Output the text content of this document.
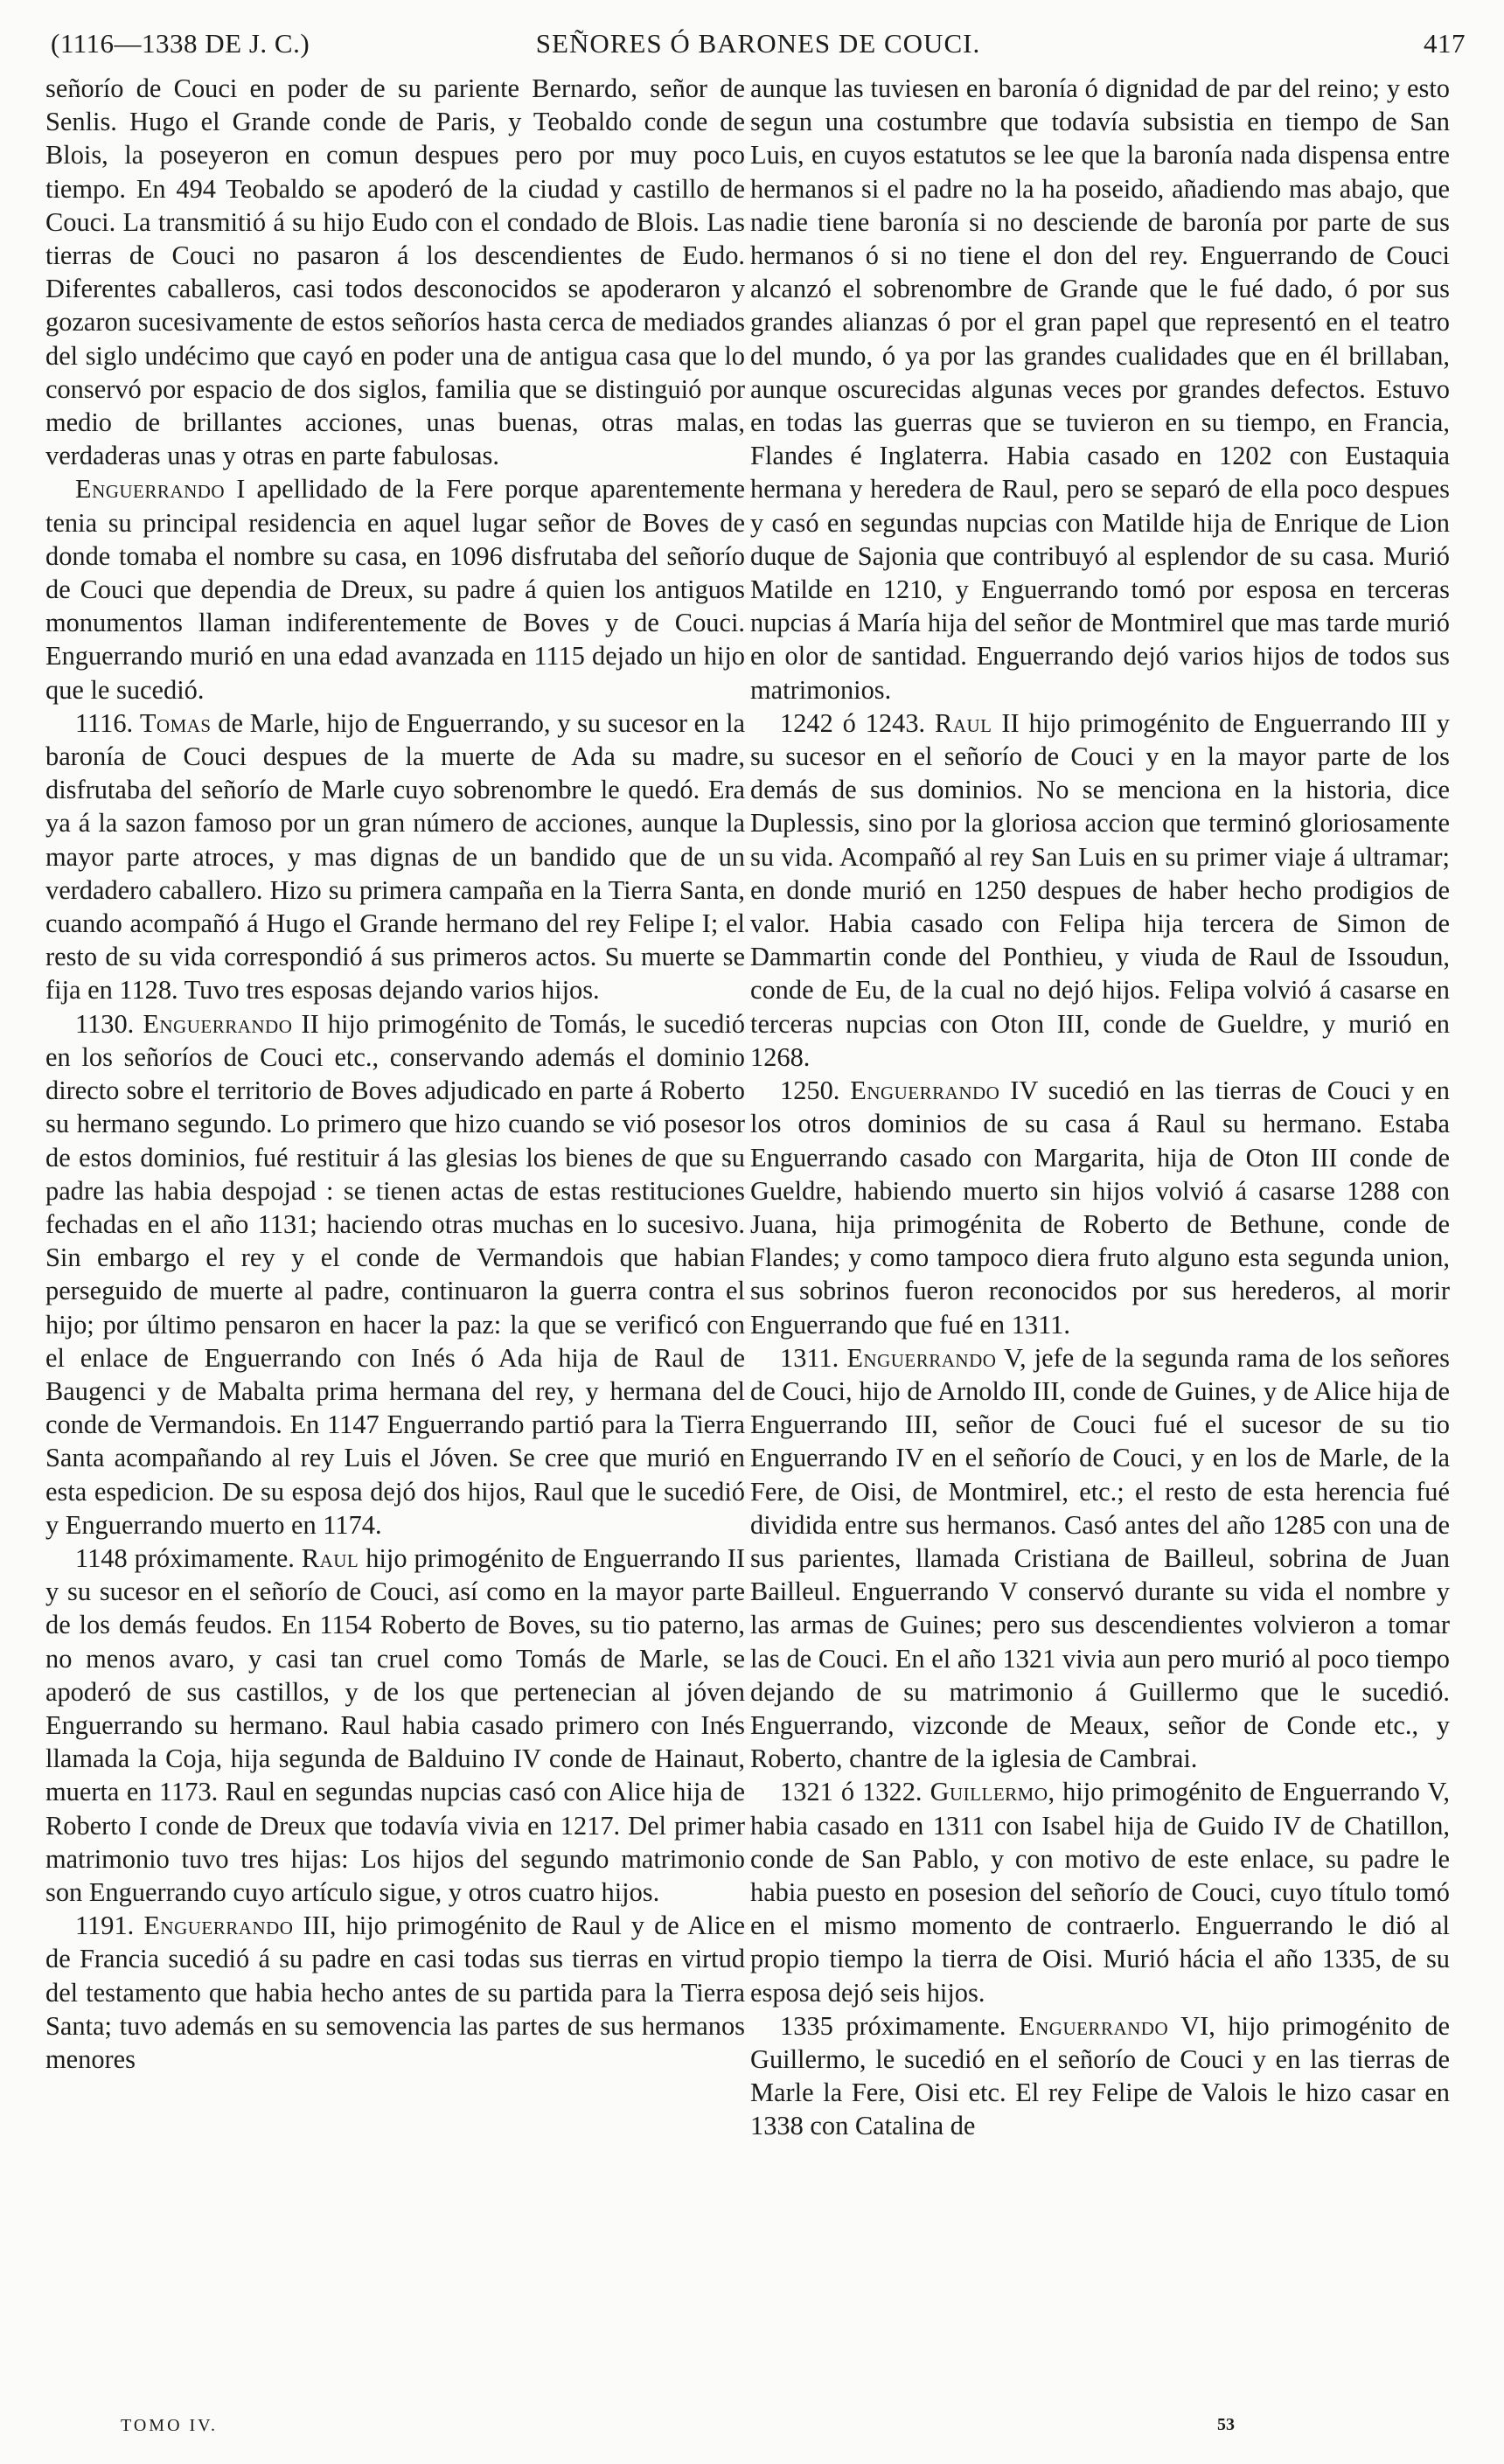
(1116—1338 DE J. C.)	SEÑORES Ó BARONES DE COUCI.	417

señorío de Couci en poder de su pariente Bernardo, señor de Senlis. Hugo el Grande conde de Paris, y Teobaldo conde de Blois, la poseyeron en comun despues pero por muy poco tiempo. En 494 Teobaldo se apoderó de la ciudad y castillo de Couci. La transmitió á su hijo Eudo con el condado de Blois. Las tierras de Couci no pasaron á los descendientes de Eudo. Diferentes caballeros, casi todos desconocidos se apoderaron y gozaron sucesivamente de estos señoríos hasta cerca de mediados del siglo undécimo que cayó en poder una de antigua casa que lo conservó por espacio de dos siglos, familia que se distinguió por medio de brillantes acciones, unas buenas, otras malas, verdaderas unas y otras en parte fabulosas.

Enguerrando I apellidado de la Fere porque aparentemente tenia su principal residencia en aquel lugar señor de Boves de donde tomaba el nombre su casa, en 1096 disfrutaba del señorío de Couci que dependia de Dreux, su padre á quien los antiguos monumentos llaman indiferentemente de Boves y de Couci. Enguerrando murió en una edad avanzada en 1115 dejado un hijo que le sucedió.

1116. Tomas de Marle, hijo de Enguerrando, y su sucesor en la baronía de Couci despues de la muerte de Ada su madre, disfrutaba del señorío de Marle cuyo sobrenombre le quedó. Era ya á la sazon famoso por un gran número de acciones, aunque la mayor parte atroces, y mas dignas de un bandido que de un verdadero caballero. Hizo su primera campaña en la Tierra Santa, cuando acompañó á Hugo el Grande hermano del rey Felipe I; el resto de su vida correspondió á sus primeros actos. Su muerte se fija en 1128. Tuvo tres esposas dejando varios hijos.

1130. Enguerrando II hijo primogénito de Tomás, le sucedió en los señoríos de Couci etc., conservando además el dominio directo sobre el territorio de Boves adjudicado en parte á Roberto su hermano segundo. Lo primero que hizo cuando se vió posesor de estos dominios, fué restituir á las glesias los bienes de que su padre las habia despojad : se tienen actas de estas restituciones fechadas en el año 1131; haciendo otras muchas en lo sucesivo. Sin embargo el rey y el conde de Vermandois que habian perseguido de muerte al padre, continuaron la guerra contra el hijo; por último pensaron en hacer la paz: la que se verificó con el enlace de Enguerrando con Inés ó Ada hija de Raul de Baugenci y de Mabalta prima hermana del rey, y hermana del conde de Vermandois. En 1147 Enguerrando partió para la Tierra Santa acompañando al rey Luis el Jóven. Se cree que murió en esta espedicion. De su esposa dejó dos hijos, Raul que le sucedió y Enguerrando muerto en 1174.

1148 próximamente. Raul hijo primogénito de Enguerrando II y su sucesor en el señorío de Couci, así como en la mayor parte de los demás feudos. En 1154 Roberto de Boves, su tio paterno, no menos avaro, y casi tan cruel como Tomás de Marle, se apoderó de sus castillos, y de los que pertenecian al jóven Enguerrando su hermano. Raul habia casado primero con Inés llamada la Coja, hija segunda de Balduino IV conde de Hainaut, muerta en 1173. Raul en segundas nupcias casó con Alice hija de Roberto I conde de Dreux que todavía vivia en 1217. Del primer matrimonio tuvo tres hijas: Los hijos del segundo matrimonio son Enguerrando cuyo artículo sigue, y otros cuatro hijos.

1191. Enguerrando III, hijo primogénito de Raul y de Alice de Francia sucedió á su padre en casi todas sus tierras en virtud del testamento que habia hecho antes de su partida para la Tierra Santa; tuvo además en su semovencia las partes de sus hermanos menores

aunque las tuviesen en baronía ó dignidad de par del reino; y esto segun una costumbre que todavía subsistia en tiempo de San Luis, en cuyos estatutos se lee que la baronía nada dispensa entre hermanos si el padre no la ha poseido, añadiendo mas abajo, que nadie tiene baronía si no desciende de baronía por parte de sus hermanos ó si no tiene el don del rey. Enguerrando de Couci alcanzó el sobrenombre de Grande que le fué dado, ó por sus grandes alianzas ó por el gran papel que representó en el teatro del mundo, ó ya por las grandes cualidades que en él brillaban, aunque oscurecidas algunas veces por grandes defectos. Estuvo en todas las guerras que se tuvieron en su tiempo, en Francia, Flandes é Inglaterra. Habia casado en 1202 con Eustaquia hermana y heredera de Raul, pero se separó de ella poco despues y casó en segundas nupcias con Matilde hija de Enrique de Lion duque de Sajonia que contribuyó al esplendor de su casa. Murió Matilde en 1210, y Enguerrando tomó por esposa en terceras nupcias á María hija del señor de Montmirel que mas tarde murió en olor de santidad. Enguerrando dejó varios hijos de todos sus matrimonios.

1242 ó 1243. Raul II hijo primogénito de Enguerrando III y su sucesor en el señorío de Couci y en la mayor parte de los demás de sus dominios. No se menciona en la historia, dice Duplessis, sino por la gloriosa accion que terminó gloriosamente su vida. Acompañó al rey San Luis en su primer viaje á ultramar; en donde murió en 1250 despues de haber hecho prodigios de valor. Habia casado con Felipa hija tercera de Simon de Dammartin conde del Ponthieu, y viuda de Raul de Issoudun, conde de Eu, de la cual no dejó hijos. Felipa volvió á casarse en terceras nupcias con Oton III, conde de Gueldre, y murió en 1268.

1250. Enguerrando IV sucedió en las tierras de Couci y en los otros dominios de su casa á Raul su hermano. Estaba Enguerrando casado con Margarita, hija de Oton III conde de Gueldre, habiendo muerto sin hijos volvió á casarse 1288 con Juana, hija primogénita de Roberto de Bethune, conde de Flandes; y como tampoco diera fruto alguno esta segunda union, sus sobrinos fueron reconocidos por sus herederos, al morir Enguerrando que fué en 1311.

1311. Enguerrando V, jefe de la segunda rama de los señores de Couci, hijo de Arnoldo III, conde de Guines, y de Alice hija de Enguerrando III, señor de Couci fué el sucesor de su tio Enguerrando IV en el señorío de Couci, y en los de Marle, de la Fere, de Oisi, de Montmirel, etc.; el resto de esta herencia fué dividida entre sus hermanos. Casó antes del año 1285 con una de sus parientes, llamada Cristiana de Bailleul, sobrina de Juan Bailleul. Enguerrando V conservó durante su vida el nombre y las armas de Guines; pero sus descendientes volvieron a tomar las de Couci. En el año 1321 vivia aun pero murió al poco tiempo dejando de su matrimonio á Guillermo que le sucedió. Enguerrando, vizconde de Meaux, señor de Conde etc., y Roberto, chantre de la iglesia de Cambrai.

1321 ó 1322. Guillermo, hijo primogénito de Enguerrando V, habia casado en 1311 con Isabel hija de Guido IV de Chatillon, conde de San Pablo, y con motivo de este enlace, su padre le habia puesto en posesion del señorío de Couci, cuyo título tomó en el mismo momento de contraerlo. Enguerrando le dió al propio tiempo la tierra de Oisi. Murió hácia el año 1335, de su esposa dejó seis hijos.

1335 próximamente. Enguerrando VI, hijo primogénito de Guillermo, le sucedió en el señorío de Couci y en las tierras de Marle la Fere, Oisi etc. El rey Felipe de Valois le hizo casar en 1338 con Catalina de

TOMO IV.	53
